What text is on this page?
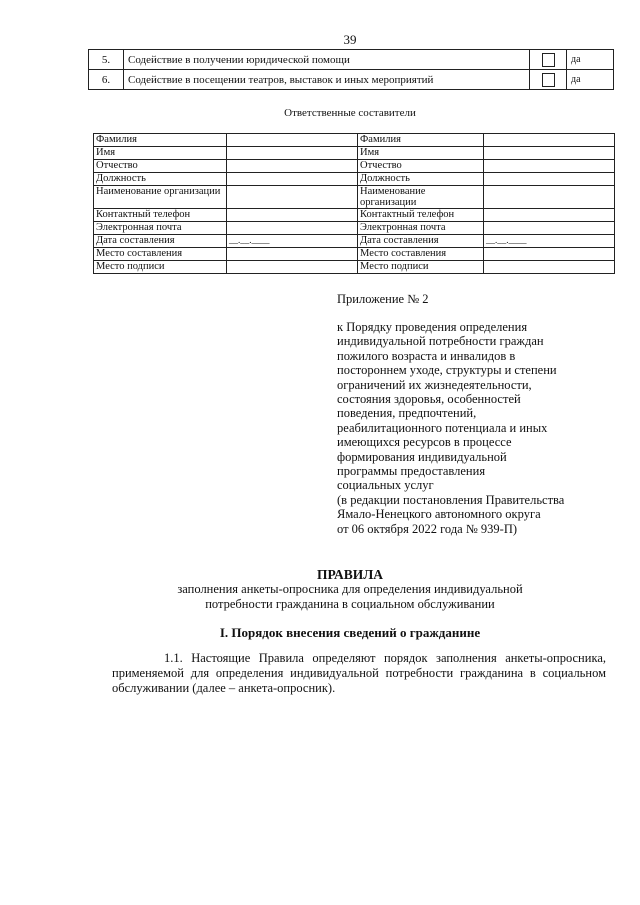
39
5.	Содействие в получении юридической помощи		да
6.	Содействие в посещении театров, выставок и иных мероприятий		да
Ответственные составители
Фамилия		Фамилия	
Имя		Имя	
Отчество		Отчество	
Должность		Должность	
Наименование организации		Наименование организации	
Контактный телефон		Контактный телефон	
Электронная почта		Электронная почта	
Дата составления	__.__.____	Дата составления	__.__.____
Место составления		Место составления	
Место подписи		Место подписи	
Приложение № 2
к Порядку проведения определения
индивидуальной потребности граждан
пожилого возраста и инвалидов в
постороннем уходе, структуры и степени
ограничений их жизнедеятельности,
состояния здоровья, особенностей
поведения, предпочтений,
реабилитационного потенциала и иных
имеющихся ресурсов в процессе
формирования индивидуальной
программы предоставления
социальных услуг
(в редакции постановления Правительства
Ямало-Ненецкого автономного округа
от 06 октября 2022 года № 939-П)
ПРАВИЛА
заполнения анкеты-опросника для определения индивидуальной
потребности гражданина в социальном обслуживании
I. Порядок внесения сведений о гражданине
1.1. Настоящие Правила определяют порядок заполнения анкеты-опросника, применяемой для определения индивидуальной потребности гражданина в социальном обслуживании (далее – анкета-опросник).
